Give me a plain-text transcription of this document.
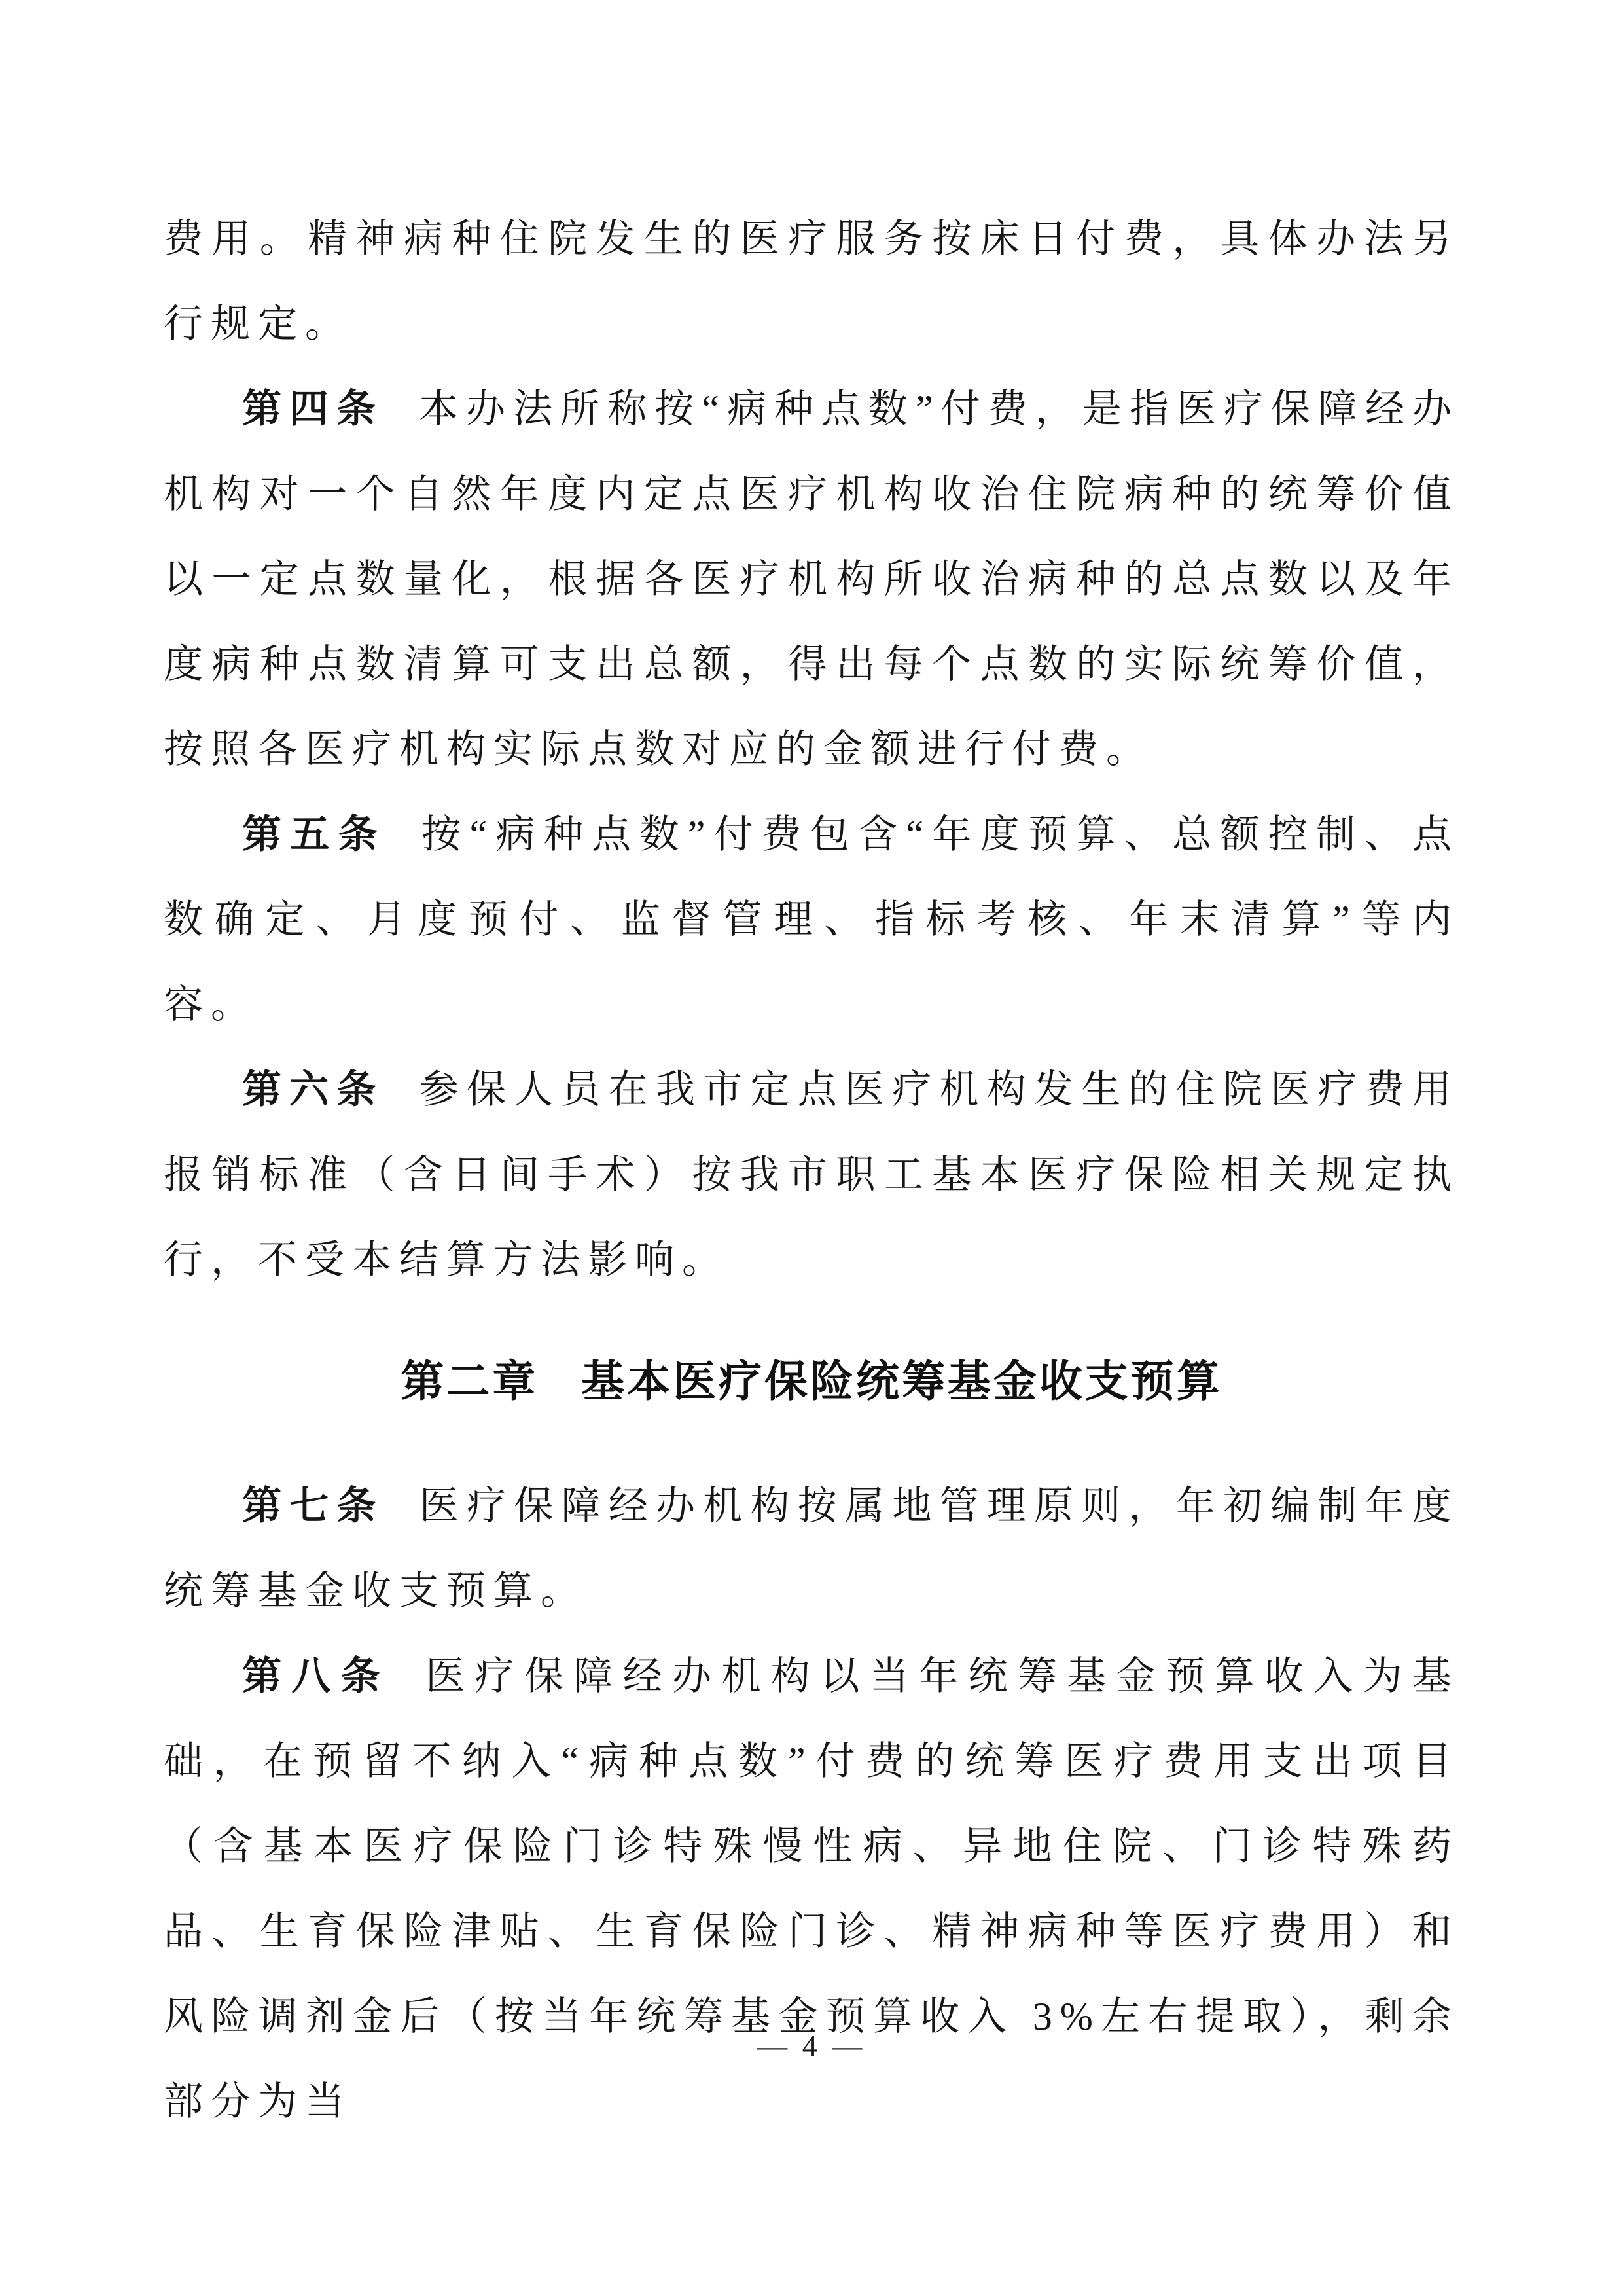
费用。精神病种住院发生的医疗服务按床日付费，具体办法另行规定。

第四条 本办法所称按“病种点数”付费，是指医疗保障经办机构对一个自然年度内定点医疗机构收治住院病种的统筹价值以一定点数量化，根据各医疗机构所收治病种的总点数以及年度病种点数清算可支出总额，得出每个点数的实际统筹价值，按照各医疗机构实际点数对应的金额进行付费。

第五条 按“病种点数”付费包含“年度预算、总额控制、点数确定、月度预付、监督管理、指标考核、年末清算”等内容。

第六条 参保人员在我市定点医疗机构发生的住院医疗费用报销标准（含日间手术）按我市职工基本医疗保险相关规定执行，不受本结算方法影响。

第二章 基本医疗保险统筹基金收支预算

第七条 医疗保障经办机构按属地管理原则，年初编制年度统筹基金收支预算。

第八条 医疗保障经办机构以当年统筹基金预算收入为基础，在预留不纳入“病种点数”付费的统筹医疗费用支出项目（含基本医疗保险门诊特殊慢性病、异地住院、门诊特殊药品、生育保险津贴、生育保险门诊、精神病种等医疗费用）和风险调剂金后（按当年统筹基金预算收入 3%左右提取），剩余部分为当

— 4 —
